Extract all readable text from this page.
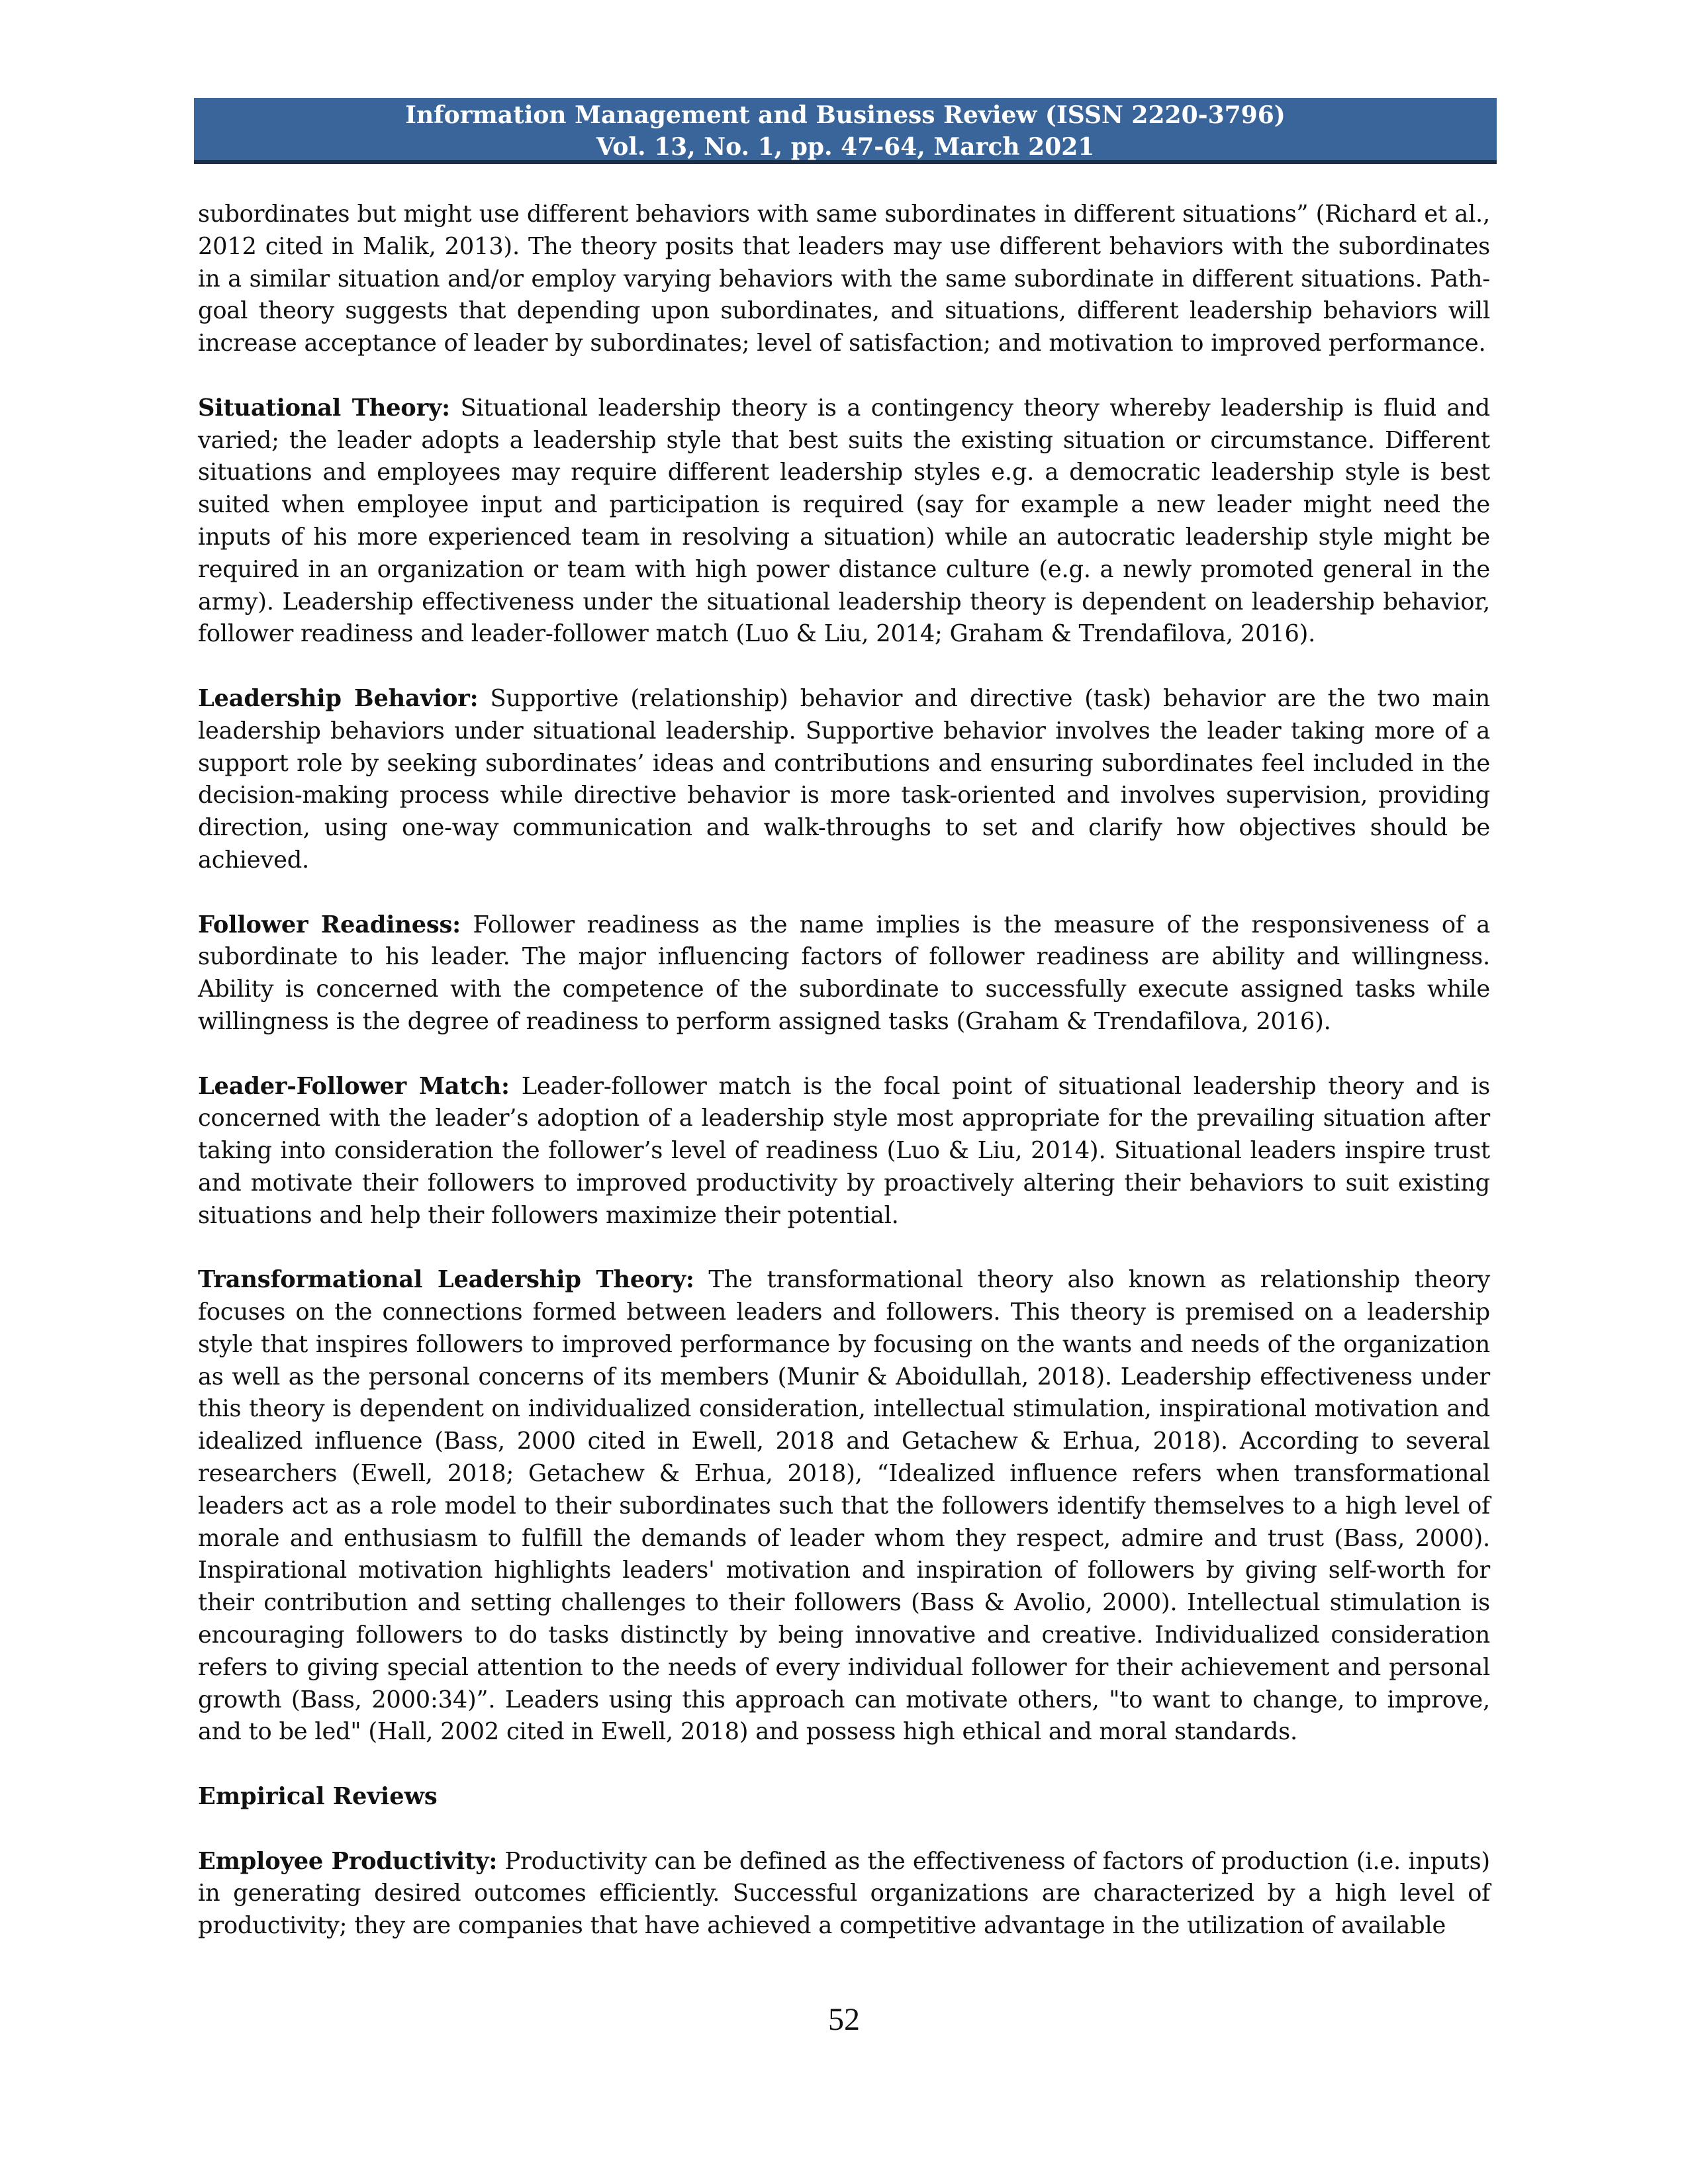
Information Management and Business Review (ISSN 2220-3796)
Vol. 13, No. 1, pp. 47-64, March 2021

subordinates but might use different behaviors with same subordinates in different situations” (Richard et al., 2012 cited in Malik, 2013). The theory posits that leaders may use different behaviors with the subordinates in a similar situation and/or employ varying behaviors with the same subordinate in different situations. Path-goal theory suggests that depending upon subordinates, and situations, different leadership behaviors will increase acceptance of leader by subordinates; level of satisfaction; and motivation to improved performance.

Situational Theory: Situational leadership theory is a contingency theory whereby leadership is fluid and varied; the leader adopts a leadership style that best suits the existing situation or circumstance. Different situations and employees may require different leadership styles e.g. a democratic leadership style is best suited when employee input and participation is required (say for example a new leader might need the inputs of his more experienced team in resolving a situation) while an autocratic leadership style might be required in an organization or team with high power distance culture (e.g. a newly promoted general in the army). Leadership effectiveness under the situational leadership theory is dependent on leadership behavior, follower readiness and leader-follower match (Luo & Liu, 2014; Graham & Trendafilova, 2016).

Leadership Behavior: Supportive (relationship) behavior and directive (task) behavior are the two main leadership behaviors under situational leadership. Supportive behavior involves the leader taking more of a support role by seeking subordinates’ ideas and contributions and ensuring subordinates feel included in the decision-making process while directive behavior is more task-oriented and involves supervision, providing direction, using one-way communication and walk-throughs to set and clarify how objectives should be achieved.

Follower Readiness: Follower readiness as the name implies is the measure of the responsiveness of a subordinate to his leader. The major influencing factors of follower readiness are ability and willingness. Ability is concerned with the competence of the subordinate to successfully execute assigned tasks while willingness is the degree of readiness to perform assigned tasks (Graham & Trendafilova, 2016).

Leader-Follower Match: Leader-follower match is the focal point of situational leadership theory and is concerned with the leader’s adoption of a leadership style most appropriate for the prevailing situation after taking into consideration the follower’s level of readiness (Luo & Liu, 2014). Situational leaders inspire trust and motivate their followers to improved productivity by proactively altering their behaviors to suit existing situations and help their followers maximize their potential.

Transformational Leadership Theory: The transformational theory also known as relationship theory focuses on the connections formed between leaders and followers. This theory is premised on a leadership style that inspires followers to improved performance by focusing on the wants and needs of the organization as well as the personal concerns of its members (Munir & Aboidullah, 2018). Leadership effectiveness under this theory is dependent on individualized consideration, intellectual stimulation, inspirational motivation and idealized influence (Bass, 2000 cited in Ewell, 2018 and Getachew & Erhua, 2018). According to several researchers (Ewell, 2018; Getachew & Erhua, 2018), “Idealized influence refers when transformational leaders act as a role model to their subordinates such that the followers identify themselves to a high level of morale and enthusiasm to fulfill the demands of leader whom they respect, admire and trust (Bass, 2000). Inspirational motivation highlights leaders' motivation and inspiration of followers by giving self-worth for their contribution and setting challenges to their followers (Bass & Avolio, 2000). Intellectual stimulation is encouraging followers to do tasks distinctly by being innovative and creative. Individualized consideration refers to giving special attention to the needs of every individual follower for their achievement and personal growth (Bass, 2000:34)”. Leaders using this approach can motivate others, "to want to change, to improve, and to be led" (Hall, 2002 cited in Ewell, 2018) and possess high ethical and moral standards.

Empirical Reviews

Employee Productivity: Productivity can be defined as the effectiveness of factors of production (i.e. inputs) in generating desired outcomes efficiently. Successful organizations are characterized by a high level of productivity; they are companies that have achieved a competitive advantage in the utilization of available

52
